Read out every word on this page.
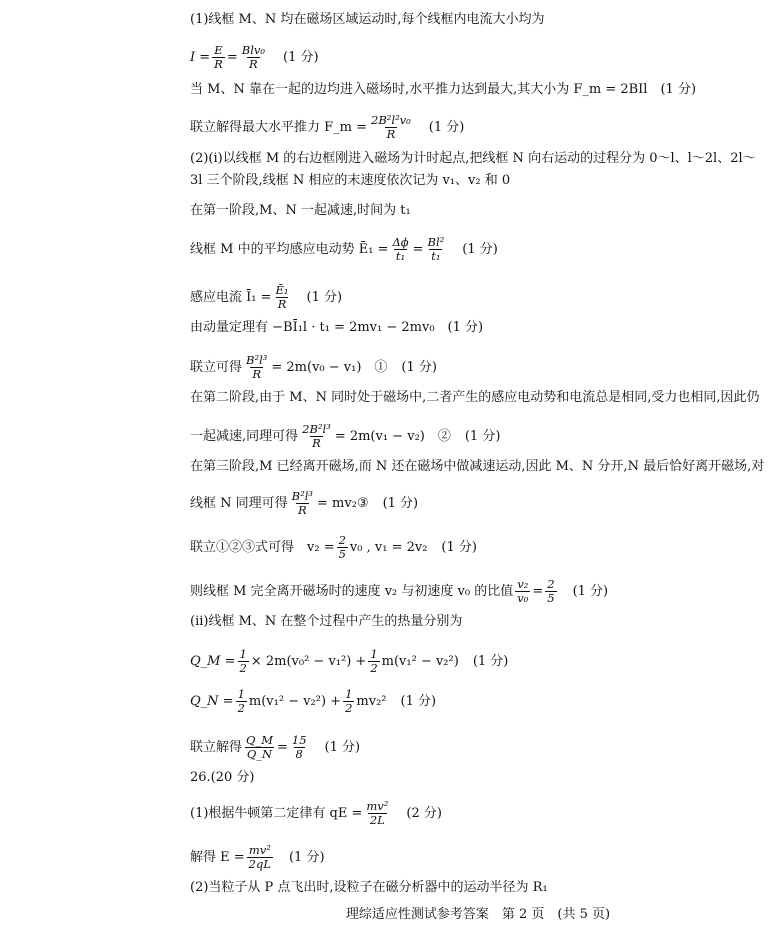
(1)线框 M、N 均在磁场区域运动时,每个线框内电流大小均为
$I = \frac{E}{R} = \frac{\text{Blv₀}}{R} (1$ 分)
当 M、N 靠在一起的边均进入磁场时,水平推力达到最大,其大小为 F_m = 2BIl　(1 分)
联立解得最大水平推力 F_m = $\frac{\text{2B²l²v₀}}{R} (1$ 分)
(2)(i)以线框 M 的右边框刚进入磁场为计时起点,把线框 N 向右运动的过程分为 0～l、l～2l、2l～3l 三个阶段,线框 N 相应的末速度依次记为 v₁、v₂ 和 0
在第一阶段,M、N 一起减速,时间为 t₁
线框 M 中的平均感应电动势 Ē₁ = $\frac{\Delta\phi}{\text{t₁}} = \frac{\text{Bl²}}{\text{t₁}} (1$ 分)
感应电流 Ī₁ = $\frac{\text{Ē₁}}{R} (1$ 分)
由动量定理有 −BĪ₁l · t₁ = 2mv₁ − 2mv₀　(1 分)
联立可得 $\frac{\text{B²l³}}{R} = 2m(v_0 - v_1)$　① (1 分)
在第二阶段,由于 M、N 同时处于磁场中,二者产生的感应电动势和电流总是相同,受力也相同,因此仍
一起减速,同理可得 $\frac{\text{2B²l³}}{R} = 2m(v_1 - v_2)$　② (1 分)
在第三阶段,M 已经离开磁场,而 N 还在磁场中做减速运动,因此 M、N 分开,N 最后恰好离开磁场,对
线框 N 同理可得 $\frac{\text{B²l³}}{R}$ = mv₂③ (1 分)
联立①②③式可得　$v_2 = \frac{2}{5} v_0$ , v₁ = 2v₂ (1 分)
则线框 M 完全离开磁场时的速度 v₂ 与初速度 v₀ 的比值 $\frac{\text{v₂}}{\text{v₀}} = \frac{2}{5} (1$ 分)
(ii)线框 M、N 在整个过程中产生的热量分别为
Q_M = $\frac{1}{2} \times 2m(v_0^2 - v_1^2) + \frac{1}{2} m(v_1^2 - v_2^2)$ (1 分)
Q_N = $\frac{1}{2} m(v_1^2 - v_2^2) + \frac{1}{2} mv_2^2$ (1 分)
联立解得 $\frac{Q\_M}{Q\_N} = \frac{15}{8} (1$ 分)
26.(20 分)
(1)根据牛顿第二定律有 qE = $\frac{\text{mv²}}{2L} (2$ 分)
解得 $E = \frac{\text{mv²}}{2qL} (1$ 分)
(2)当粒子从 P 点飞出时,设粒子在磁分析器中的运动半径为 R₁
理综适应性测试参考答案　第 2 页　(共 5 页)
